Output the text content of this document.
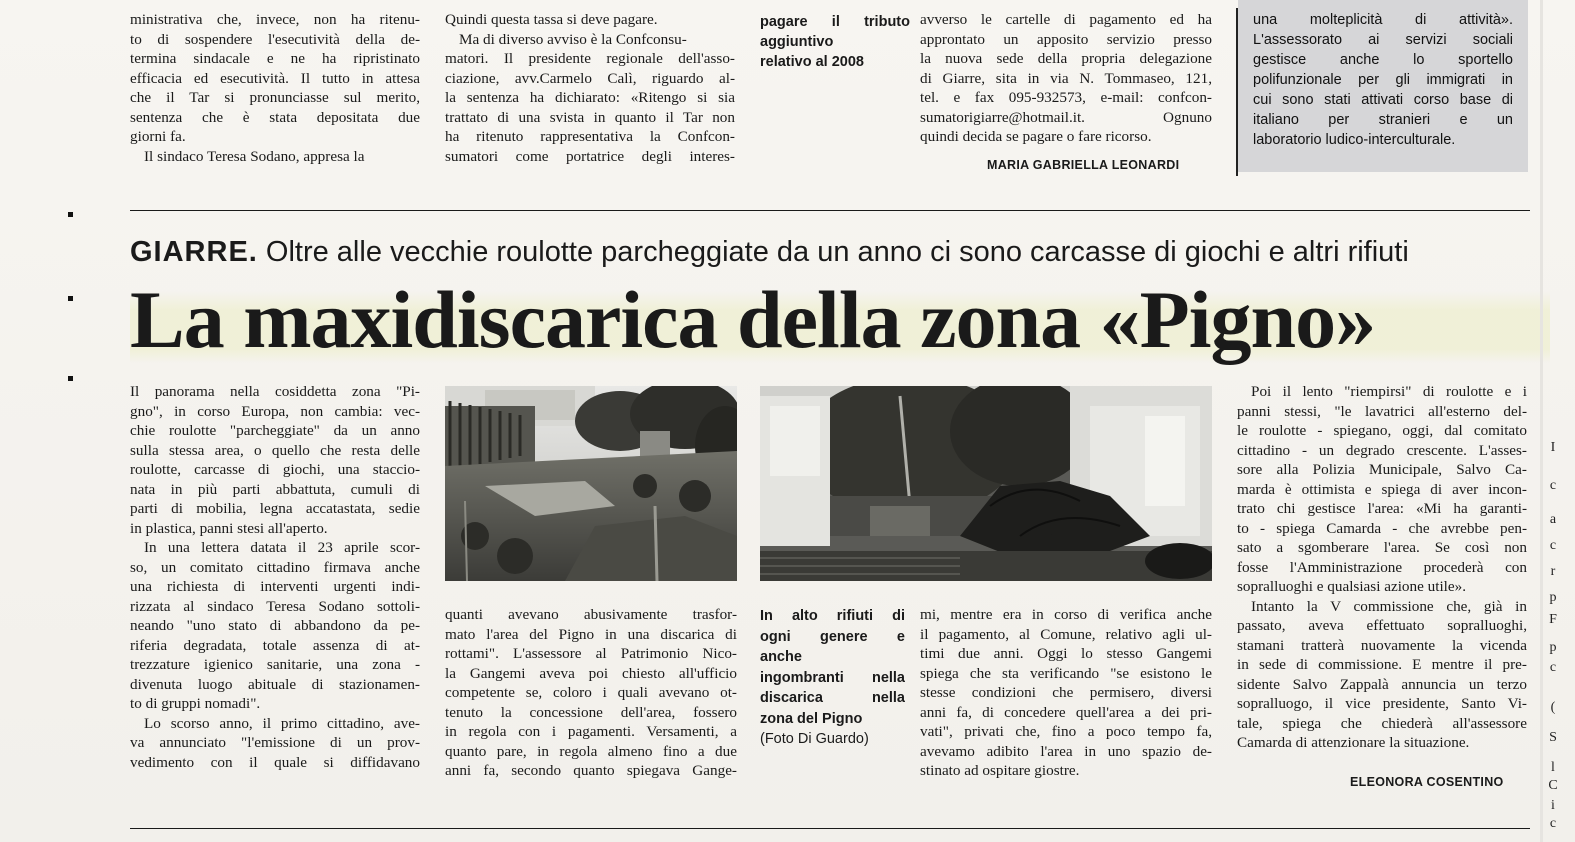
ministrativa che, invece, non ha ritenu-
to di sospendere l'esecutività della de-
termina sindacale e ne ha ripristinato
efficacia ed esecutività. Il tutto in attesa
che il Tar si pronunciasse sul merito,
sentenza che è stata depositata due
giorni fa.

Il sindaco Teresa Sodano, appresa la

Quindi questa tassa si deve pagare.

Ma di diverso avviso è la Confconsu-

matori. Il presidente regionale dell'asso-
ciazione, avv.Carmelo Calì, riguardo al-
la sentenza ha dichiarato: «Ritengo si sia
trattato di una svista in quanto il Tar non
ha ritenuto rappresentativa la Confcon-
sumatori come portatrice degli interes-
pagare il tributo
aggiuntivo
relativo al 2008
avverso le cartelle di pagamento ed ha
approntato un apposito servizio presso
la nuova sede della propria delegazione
di Giarre, sita in via N. Tommaseo, 121,
tel. e fax 095-932573, e-mail: confcon-
sumatorigiarre@hotmail.it. Ognuno
quindi decida se pagare o fare ricorso.
MARIA GABRIELLA LEONARDI
una molteplicità di attività».
L'assessorato ai servizi sociali
gestisce anche lo sportello
polifunzionale per gli immigrati in
cui sono stati attivati corso base di
italiano per stranieri e un
laboratorio ludico-interculturale.
GIARRE. Oltre alle vecchie roulotte parcheggiate da un anno ci sono carcasse di giochi e altri rifiuti
La maxidiscarica della zona «Pigno»
Il panorama nella cosiddetta zona "Pi-
gno", in corso Europa, non cambia: vec-
chie roulotte "parcheggiate" da un anno
sulla stessa area, o quello che resta delle
roulotte, carcasse di giochi, una staccio-
nata in più parti abbattuta, cumuli di
parti di mobilia, legna accatastata, sedie
in plastica, panni stesi all'aperto.
In una lettera datata il 23 aprile scor-
so, un comitato cittadino firmava anche
una richiesta di interventi urgenti indi-
rizzata al sindaco Teresa Sodano sottoli-
neando "uno stato di abbandono da pe-
riferia degradata, totale assenza di at-
trezzature igienico sanitarie, una zona -
divenuta luogo abituale di stazionamen-
to di gruppi nomadi".
Lo scorso anno, il primo cittadino, ave-
va annunciato "l'emissione di un prov-
vedimento con il quale si diffidavano
quanti avevano abusivamente trasfor-
mato l'area del Pigno in una discarica di
rottami". L'assessore al Patrimonio Nico-
la Gangemi aveva poi chiesto all'ufficio
competente se, coloro i quali avevano ot-
tenuto la concessione dell'area, fossero
in regola con i pagamenti. Versamenti, a
quanto pare, in regola almeno fino a due
anni fa, secondo quanto spiegava Gange-
In alto rifiuti di
ogni genere e
anche
ingombranti nella
discarica nella
zona del Pigno
(Foto Di Guardo)
mi, mentre era in corso di verifica anche
il pagamento, al Comune, relativo agli ul-
timi due anni. Oggi lo stesso Gangemi
spiega che sta verificando "se esistono le
stesse condizioni che permisero, diversi
anni fa, di concedere quell'area a dei pri-
vati", privati che, fino a poco tempo fa,
avevamo adibito l'area in uno spazio de-
stinato ad ospitare giostre.
Poi il lento "riempirsi" di roulotte e i
panni stessi, "le lavatrici all'esterno del-
le roulotte - spiegano, oggi, dal comitato
cittadino - un degrado crescente. L'asses-
sore alla Polizia Municipale, Salvo Ca-
marda è ottimista e spiega di aver incon-
trato chi gestisce l'area: «Mi ha garanti-
to - spiega Camarda - che avrebbe pen-
sato a sgomberare l'area. Se così non
fosse l'Amministrazione procederà con
sopralluoghi e qualsiasi azione utile».
Intanto la V commissione che, già in
passato, aveva effettuato sopralluoghi,
stamani tratterà nuovamente la vicenda
in sede di commissione. E mentre il pre-
sidente Salvo Zappalà annuncia un terzo
sopralluogo, il vice presidente, Santo Vi-
tale, spiega che chiederà all'assessore
Camarda di attenzionare la situazione.
ELEONORA COSENTINO
I
c
a
c
r
p
F
p
c
(
S
l
C
i
c
